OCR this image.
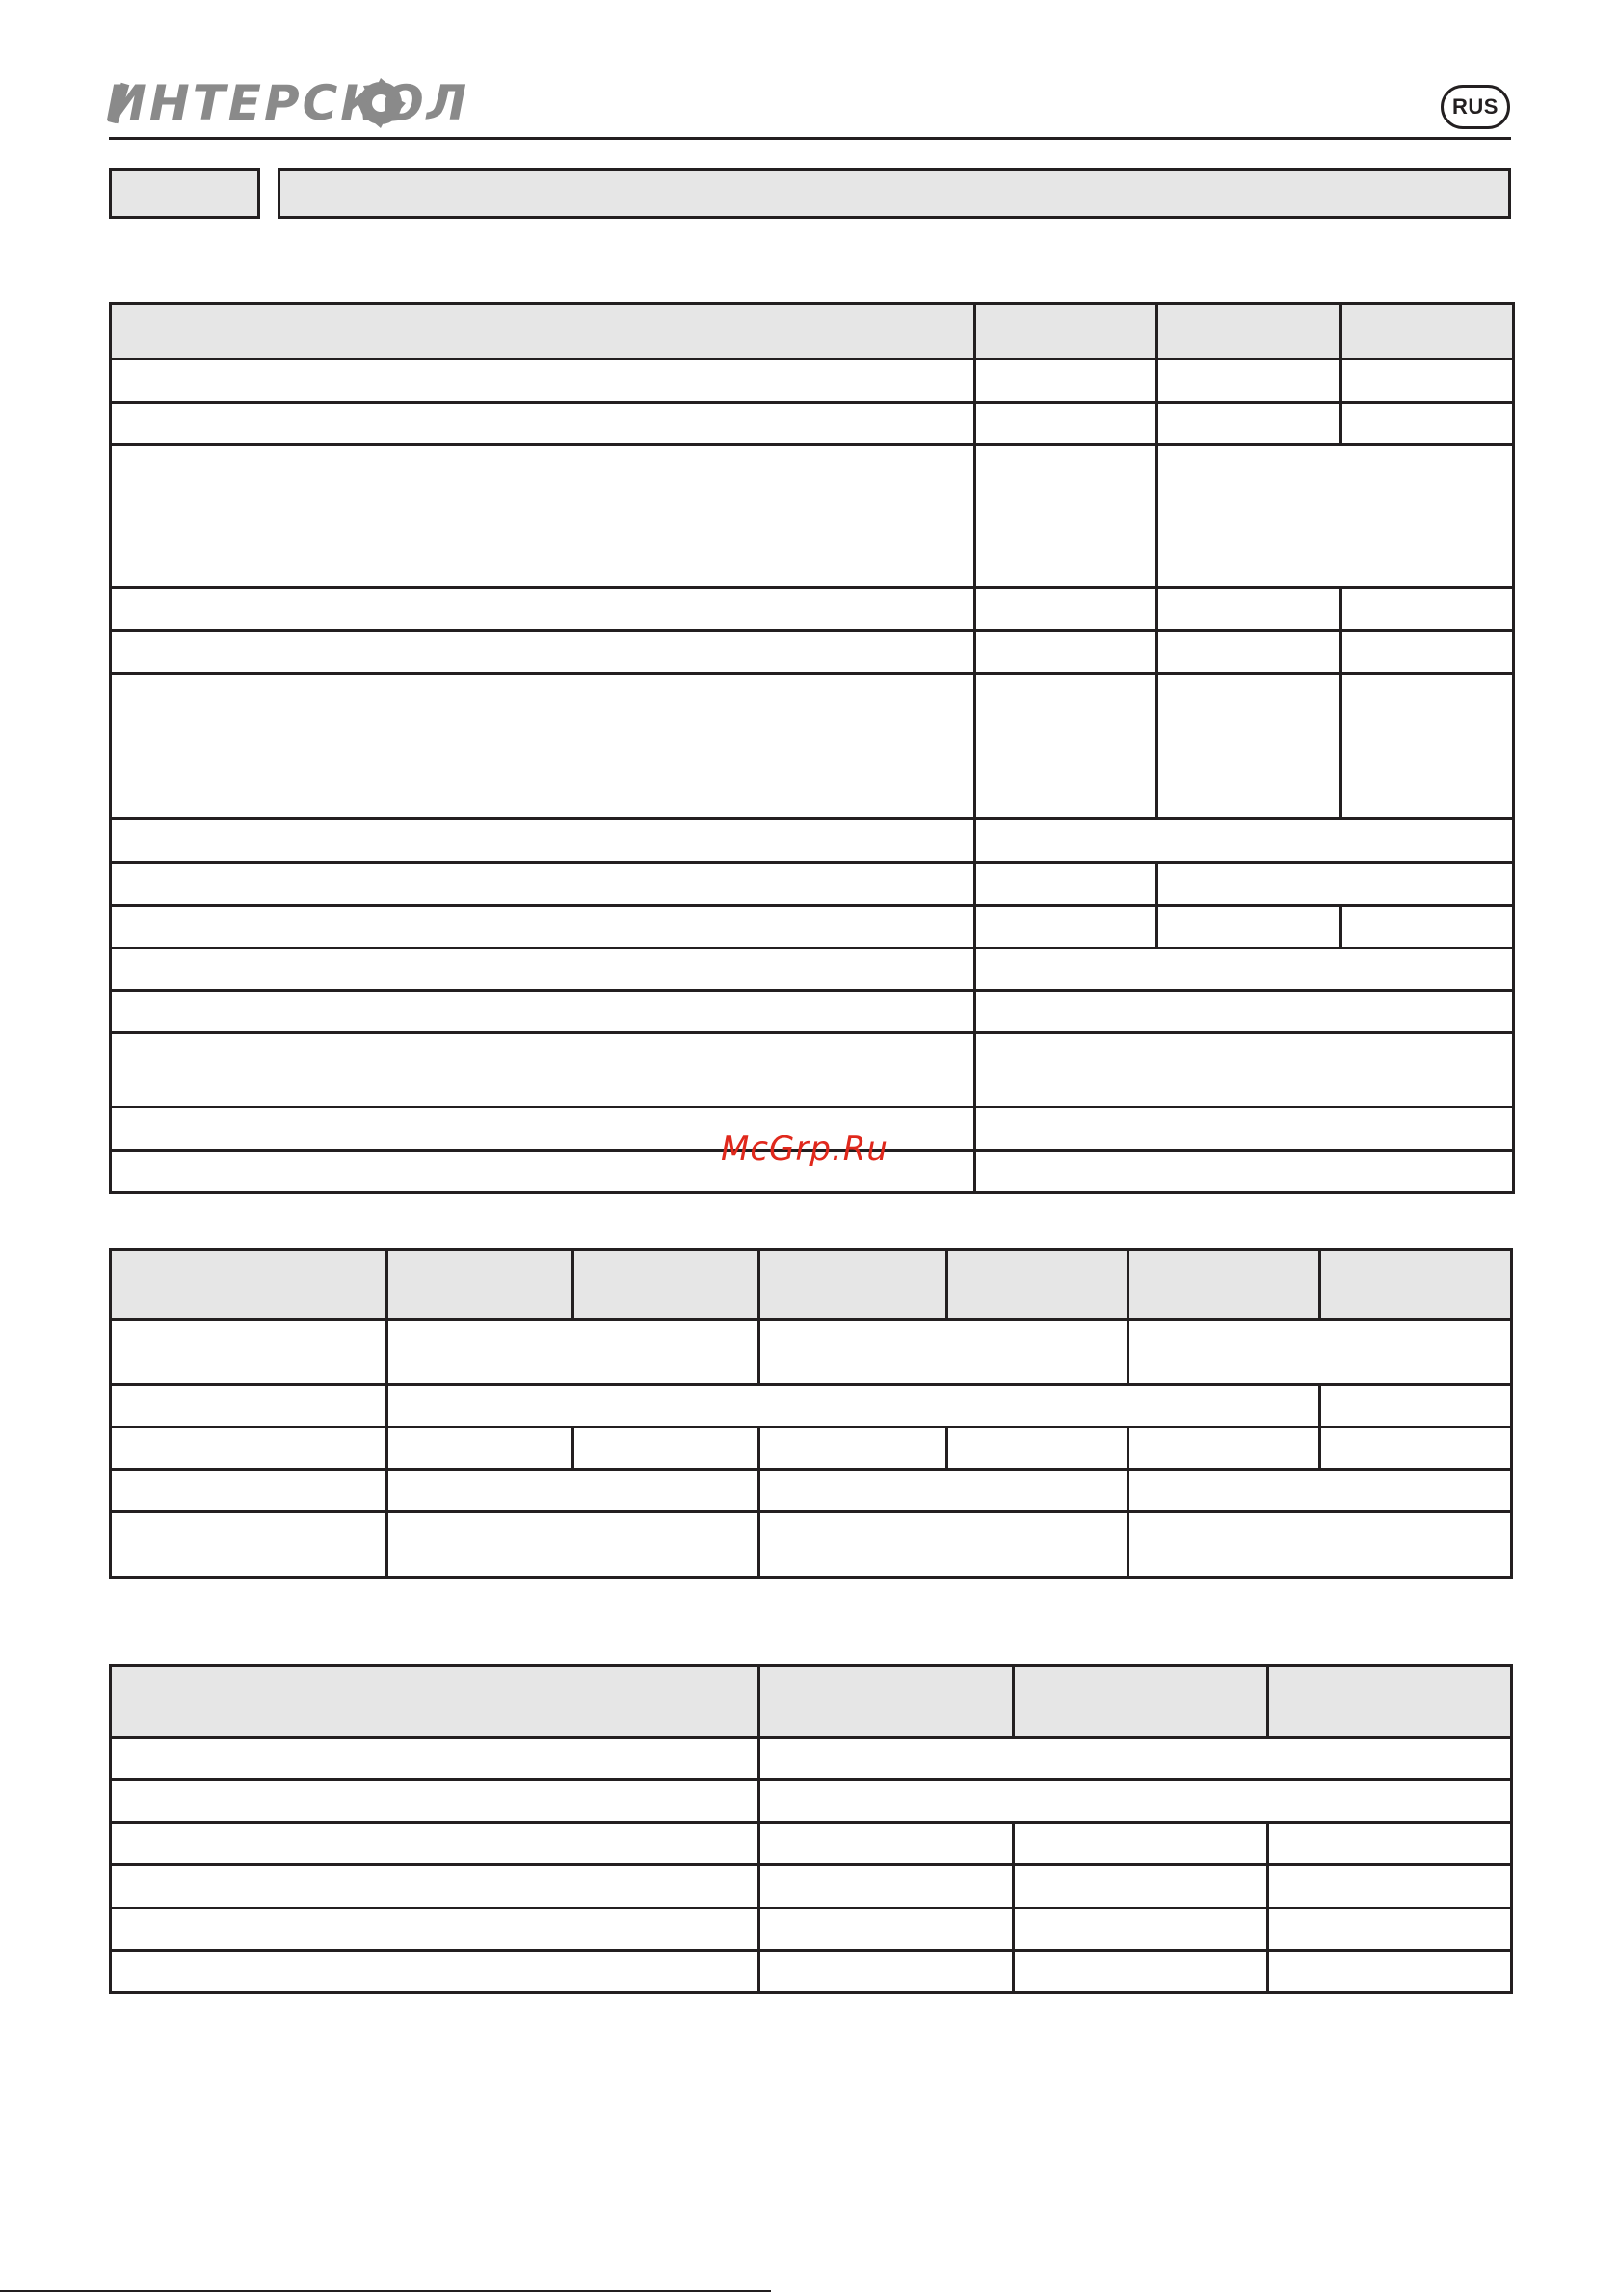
ИНТЕРСКОЛ	RUS

McGrp.Ru
